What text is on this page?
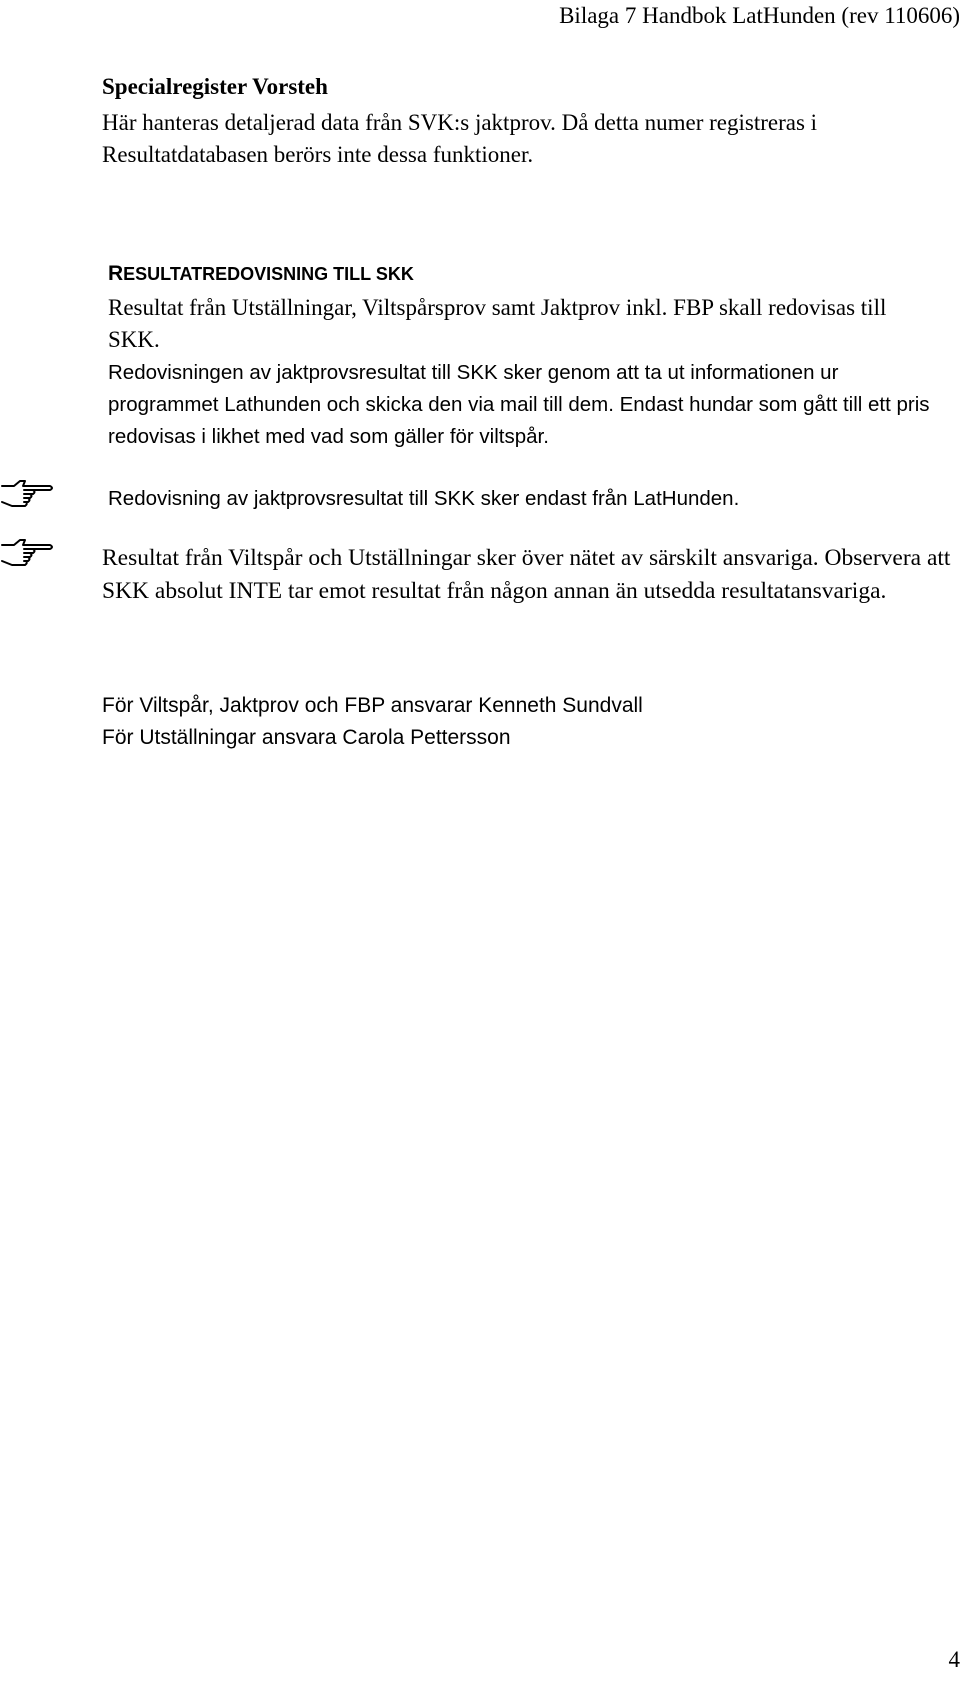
Bilaga 7 Handbok LatHunden (rev 110606)
Specialregister Vorsteh
Här hanteras detaljerad data från SVK:s jaktprov. Då detta numer registreras i Resultatdatabasen berörs inte dessa funktioner.
RESULTATREDOVISNING TILL SKK
Resultat från Utställningar, Viltspårsprov samt Jaktprov inkl. FBP skall redovisas till SKK.
Redovisningen av jaktprovsresultat till SKK sker genom att ta ut informationen ur programmet Lathunden och skicka den via mail till dem. Endast hundar som gått till ett pris redovisas i likhet med vad som gäller för viltspår.
Redovisning av jaktprovsresultat till SKK sker endast från LatHunden.
Resultat från Viltspår och Utställningar sker över nätet av särskilt ansvariga. Observera att SKK absolut INTE tar emot resultat från någon annan än utsedda resultatansvariga.
För Viltspår, Jaktprov och FBP ansvarar Kenneth Sundvall
För Utställningar ansvara Carola Pettersson
4
